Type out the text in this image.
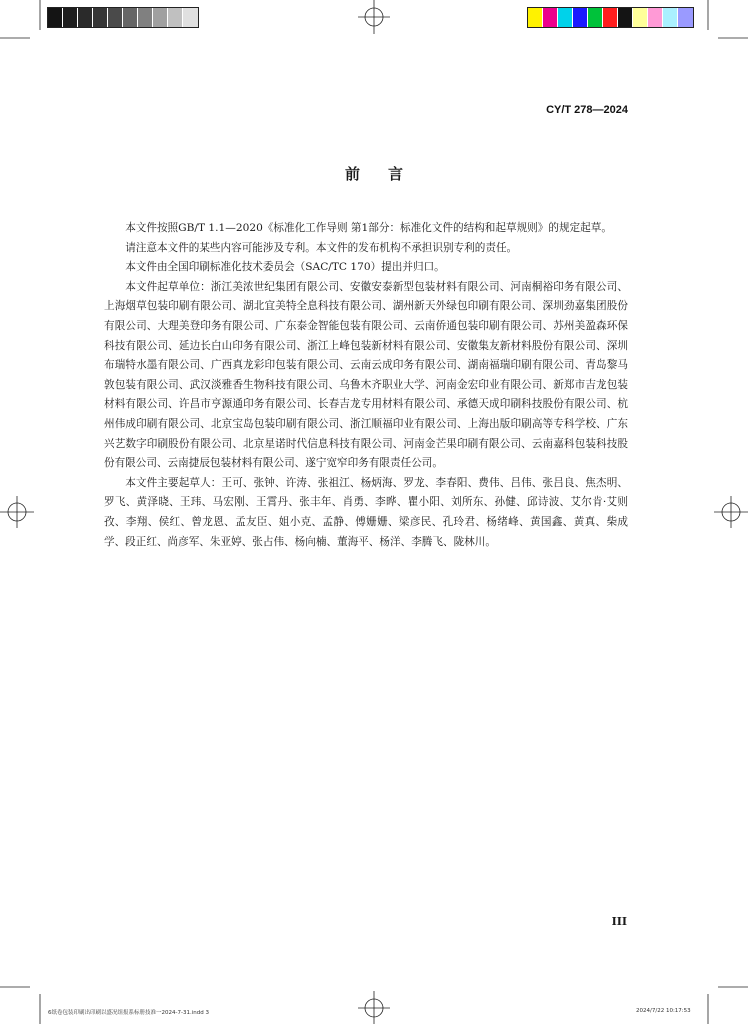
CY/T 278—2024
前言

本文件按照GB/T 1.1—2020《标准化工作导则 第1部分：标准化文件的结构和起草规则》的规定起草。

请注意本文件的某些内容可能涉及专利。本文件的发布机构不承担识别专利的责任。

本文件由全国印刷标准化技术委员会（SAC/TC 170）提出并归口。

本文件起草单位：浙江美浓世纪集团有限公司、安徽安泰新型包装材料有限公司、河南桐裕印务有限公司、上海烟草包装印刷有限公司、湖北宜美特全息科技有限公司、湖州新天外绿包印刷有限公司、深圳劲嘉集团股份有限公司、大理美登印务有限公司、广东泰金智能包装有限公司、云南侨通包装印刷有限公司、苏州美盈森环保科技有限公司、延边长白山印务有限公司、浙江上峰包装新材料有限公司、安徽集友新材料股份有限公司、深圳布瑞特水墨有限公司、广西真龙彩印包装有限公司、云南云成印务有限公司、湖南福瑞印刷有限公司、青岛黎马敦包装有限公司、武汉淡雅香生物科技有限公司、乌鲁木齐职业大学、河南金宏印业有限公司、新郑市吉龙包装材料有限公司、许昌市亨源通印务有限公司、长春吉龙专用材料有限公司、承德天成印刷科技股份有限公司、杭州伟成印刷有限公司、北京宝岛包装印刷有限公司、浙江顺福印业有限公司、上海出版印刷高等专科学校、广东兴艺数字印刷股份有限公司、北京星诺时代信息科技有限公司、河南金芒果印刷有限公司、云南嘉科包装科技股份有限公司、云南捷辰包装材料有限公司、遂宁宽窄印务有限责任公司。

本文件主要起草人：王可、张钟、许涛、张祖江、杨炳海、罗龙、李春阳、费伟、吕伟、张吕良、焦杰明、罗飞、黄泽晓、王玮、马宏刚、王霄丹、张丰年、肖勇、李晔、瞿小阳、刘所东、孙健、邱诗波、艾尔肯·艾则孜、李翔、侯红、曾龙恩、孟友臣、姐小克、孟静、傅姗姗、梁彦民、孔玲君、杨绪峰、黄国鑫、黄真、柴成学、段正红、尚彦军、朱亚婷、张占伟、杨向楠、董海平、杨洋、李腾飞、陇林川。

III
6纸卷包装印刷出印刷以盛况组报系标册技准一2024-7-31.indd 3	2024/7/22 10:17:53
